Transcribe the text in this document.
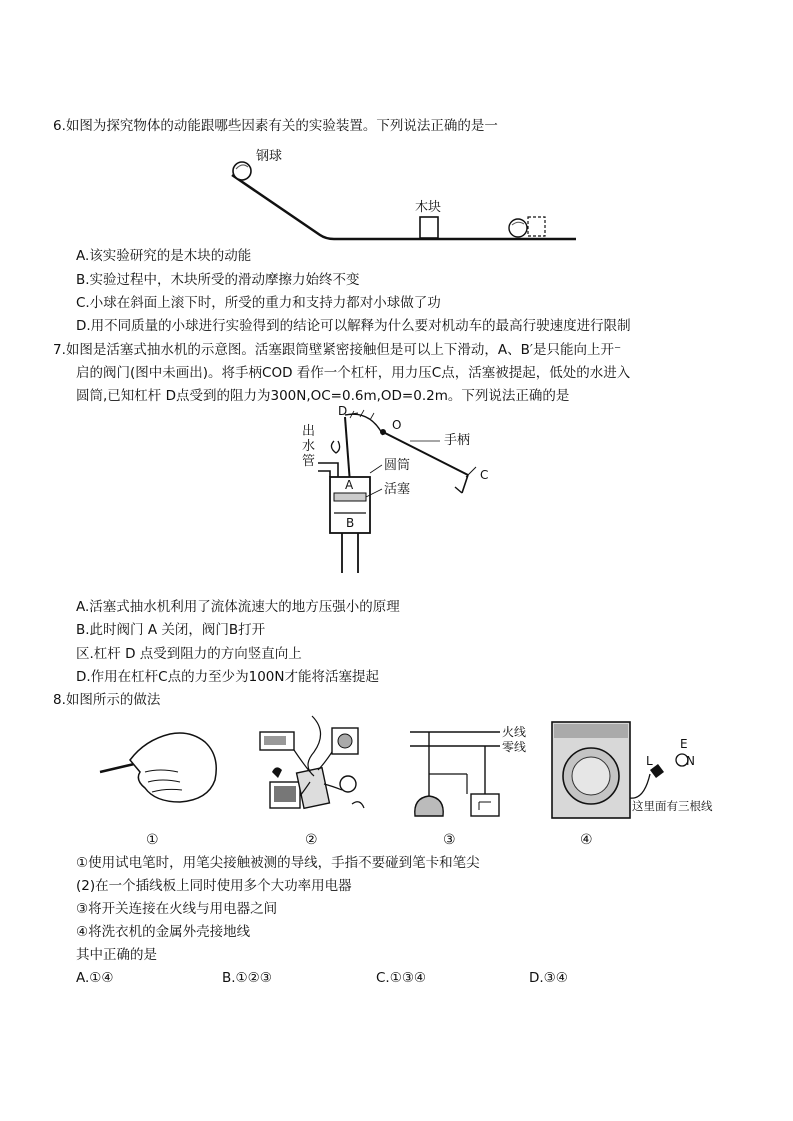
6.如图为探究物体的动能跟哪些因素有关的实验装置。下列说法正确的是一
钢球
木块
A.该实验研究的是木块的动能
B.实验过程中，木块所受的滑动摩擦力始终不变
C.小球在斜面上滚下时，所受的重力和支持力都对小球做了功
D.用不同质量的小球进行实验得到的结论可以解释为什么要对机动车的最高行驶速度进行限制
7.如图是活塞式抽水机的示意图。活塞跟筒壁紧密接触但是可以上下滑动，A、B′是只能向上开⁻
启的阀门(图中未画出)。将手柄COD 看作一个杠杆，用力压C点，活塞被提起，低处的水进入
圆筒,已知杠杆 D点受到的阻力为300N,OC=0.6m,OD=0.2m。下列说法正确的是
D
O
手柄
C
出
水
管	圆筒
活塞
A
B
A.活塞式抽水机利用了流体流速大的地方压强小的原理
B.此时阀门 A 关闭，阀门B打开
区.杠杆 D 点受到阻力的方向竖直向上
D.作用在杠杆C点的力至少为100N才能将活塞提起
8.如图所示的做法
①	②
火线
零线
③
L
E
N
这里面有三根线
④
①使用试电笔时，用笔尖接触被测的导线，手指不要碰到笔卡和笔尖
(2)在一个插线板上同时使用多个大功率用电器
③将开关连接在火线与用电器之间
④将洗衣机的金属外壳接地线
其中正确的是
A.①④	B.①②③	C.①③④	D.③④
